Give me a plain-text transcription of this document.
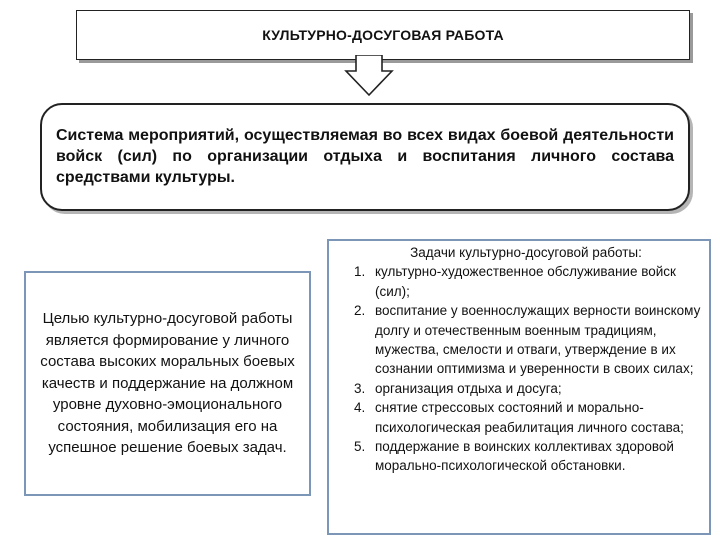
КУЛЬТУРНО-ДОСУГОВАЯ РАБОТА
Система мероприятий, осуществляемая во всех видах боевой деятельности войск (сил) по организации отдыха и воспитания личного состава средствами культуры.
Целью культурно-досуговой работы является формирование у личного состава высоких моральных боевых качеств и поддержание на должном уровне духовно-эмоционального состояния, мобилизация его на успешное решение боевых задач.
Задачи культурно-досуговой работы:
1. культурно-художественное обслуживание войск (сил);
2. воспитание у военнослужащих верности воинскому долгу и отечественным военным традициям, мужества, смелости и отваги, утверждение в их сознании оптимизма и уверенности в своих силах;
3. организация отдыха и досуга;
4. снятие стрессовых состояний и морально-психологическая реабилитация личного состава;
5. поддержание в воинских коллективах здоровой морально-психологической обстановки.
